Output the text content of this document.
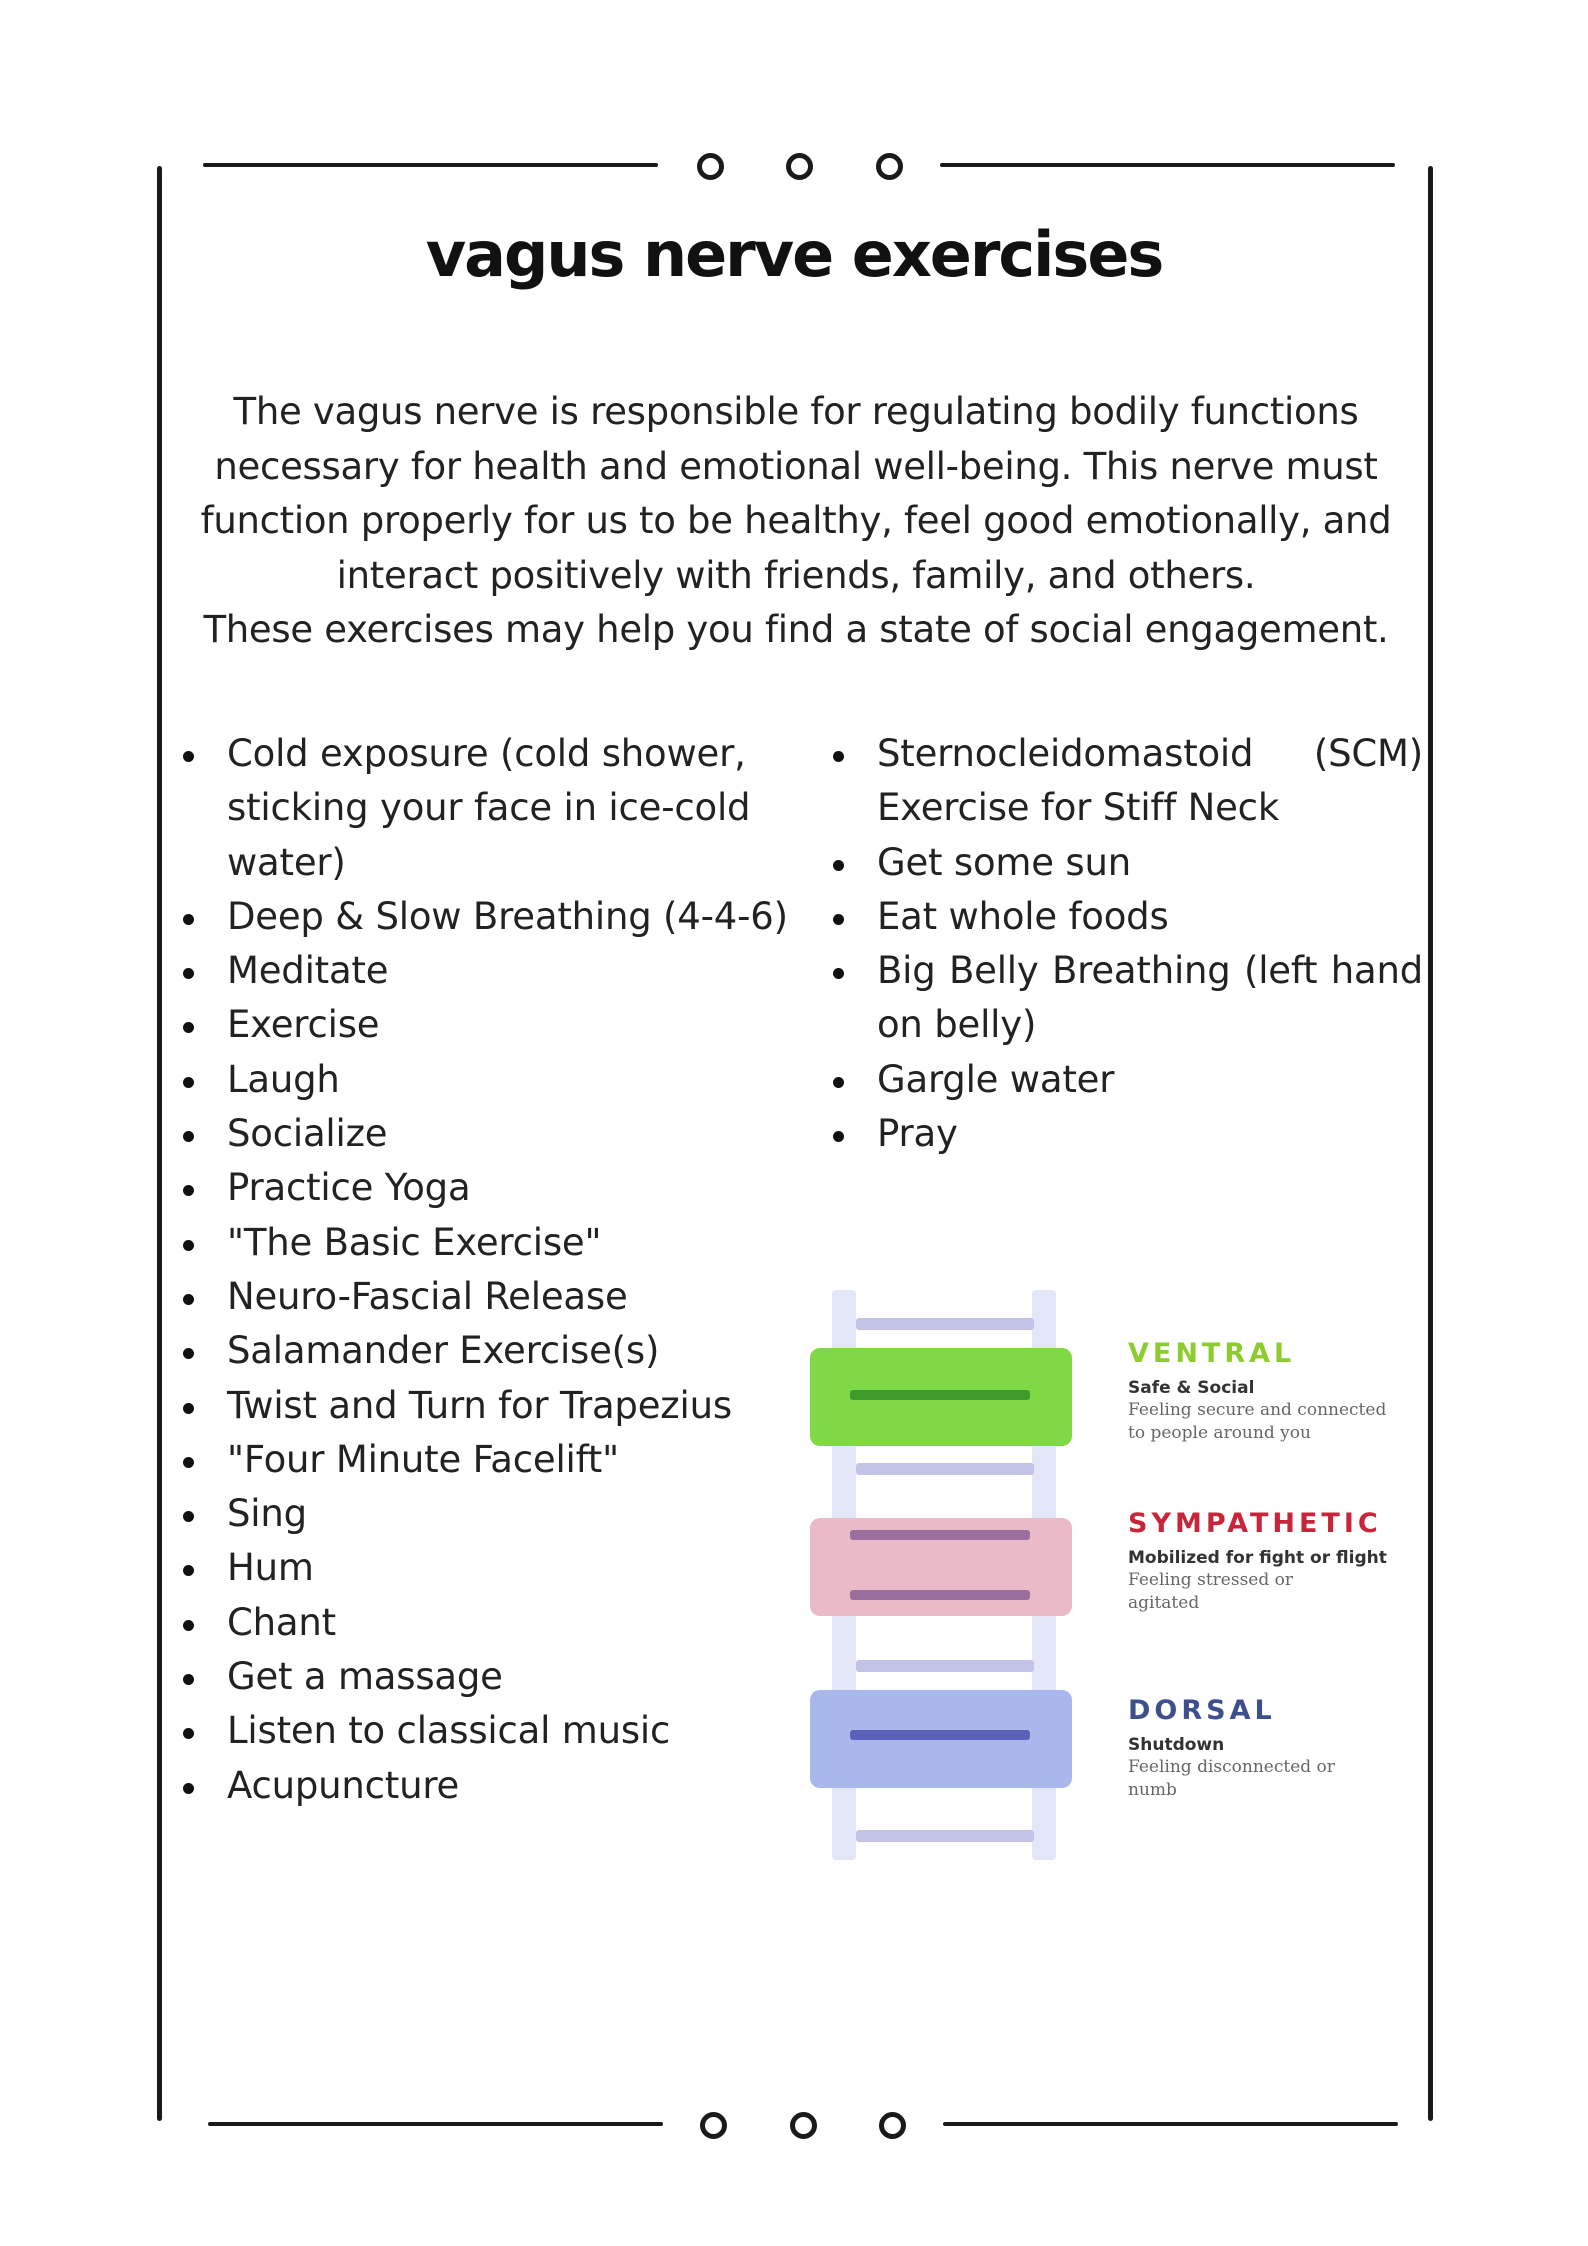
vagus nerve exercises

The vagus nerve is responsible for regulating bodily functions
necessary for health and emotional well-being. This nerve must
function properly for us to be healthy, feel good emotionally, and
interact positively with friends, family, and others.
These exercises may help you find a state of social engagement.

Cold exposure (cold shower, sticking your face in ice-cold water)
Deep & Slow Breathing (4-4-6)
Meditate
Exercise
Laugh
Socialize
Practice Yoga
"The Basic Exercise"
Neuro-Fascial Release
Salamander Exercise(s)
Twist and Turn for Trapezius
"Four Minute Facelift"
Sing
Hum
Chant
Get a massage
Listen to classical music
Acupuncture
Sternocleidomastoid (SCM) Exercise for Stiff Neck
Get some sun
Eat whole foods
Big Belly Breathing (left hand on belly)
Gargle water
Pray

VENTRAL

Safe & Social

Feeling secure and connected to people around you

SYMPATHETIC

Mobilized for fight or flight

Feeling stressed or agitated

DORSAL

Shutdown

Feeling disconnected or numb
